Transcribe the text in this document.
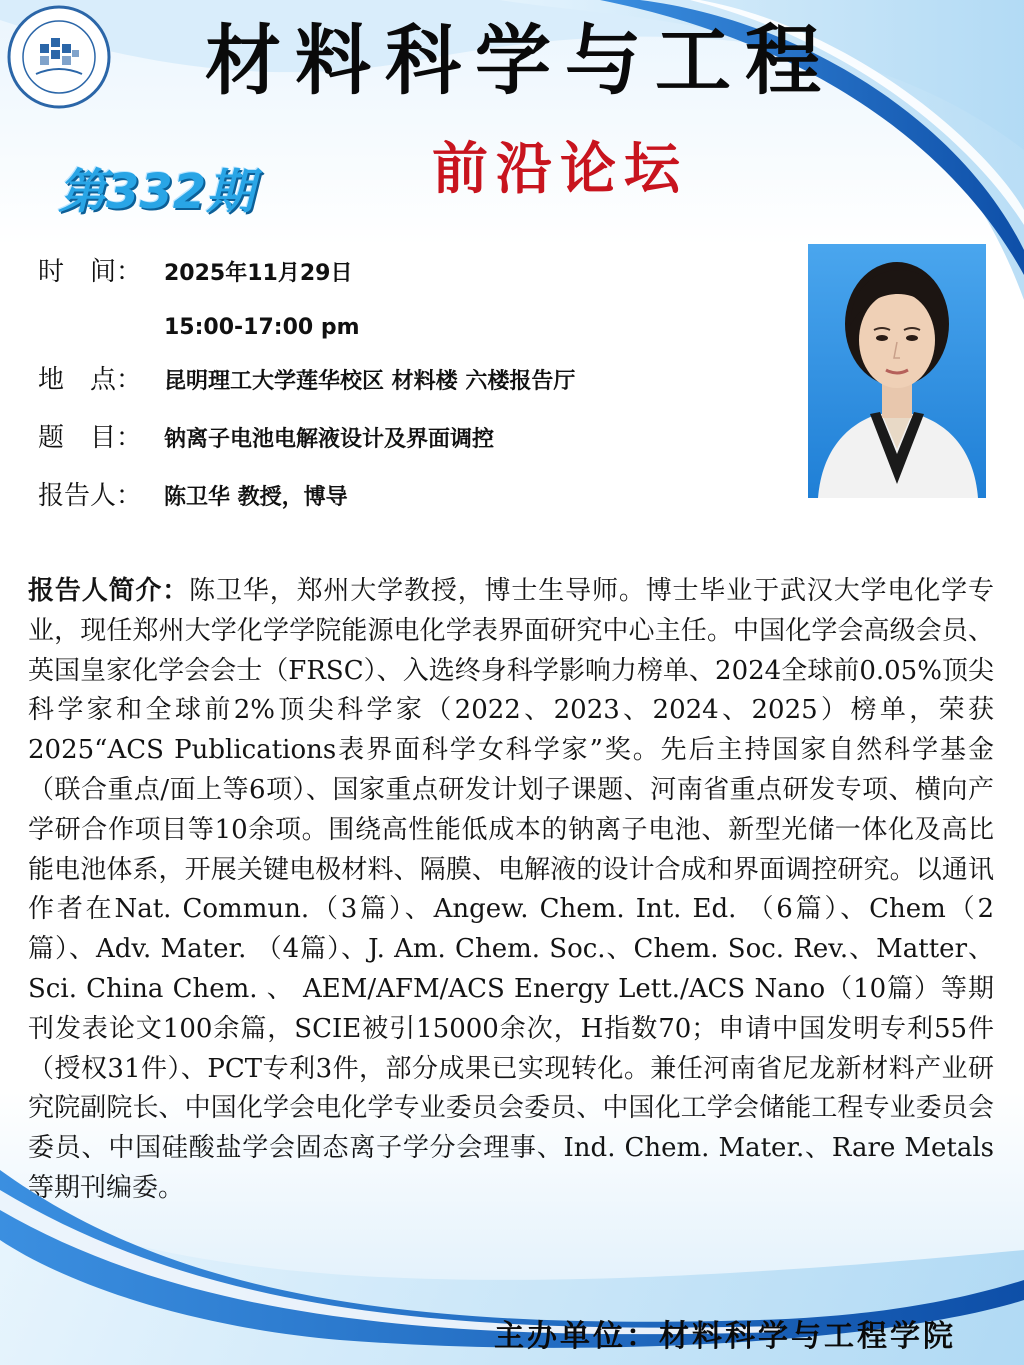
材料科学与工程
前沿论坛
第332期
时　间： 2025年11月29日
15:00-17:00 pm
地　点： 昆明理工大学莲华校区 材料楼 六楼报告厅
题　目： 钠离子电池电解液设计及界面调控
报告人： 陈卫华 教授，博导
报告人简介：陈卫华，郑州大学教授，博士生导师。博士毕业于武汉大学电化学专业，现任郑州大学化学学院能源电化学表界面研究中心主任。中国化学会高级会员、英国皇家化学会会士（FRSC）、入选终身科学影响力榜单、2024全球前0.05%顶尖科学家和全球前2%顶尖科学家（2022、2023、2024、2025）榜单，荣获2025“ACS Publications表界面科学女科学家”奖。先后主持国家自然科学基金（联合重点/面上等6项）、国家重点研发计划子课题、河南省重点研发专项、横向产学研合作项目等10余项。围绕高性能低成本的钠离子电池、新型光储一体化及高比能电池体系，开展关键电极材料、隔膜、电解液的设计合成和界面调控研究。以通讯作者在Nat. Commun.（3篇）、Angew. Chem. Int. Ed. （6篇）、Chem（2篇）、Adv. Mater. （4篇）、J. Am. Chem. Soc.、Chem. Soc. Rev.、Matter、 Sci. China Chem. 、 AEM/AFM/ACS Energy Lett./ACS Nano（10篇）等期刊发表论文100余篇，SCIE被引15000余次，H指数70；申请中国发明专利55件（授权31件）、PCT专利3件，部分成果已实现转化。兼任河南省尼龙新材料产业研究院副院长、中国化学会电化学专业委员会委员、中国化工学会储能工程专业委员会委员、中国硅酸盐学会固态离子学分会理事、Ind. Chem. Mater.、Rare Metals等期刊编委。
主办单位：材料科学与工程学院
